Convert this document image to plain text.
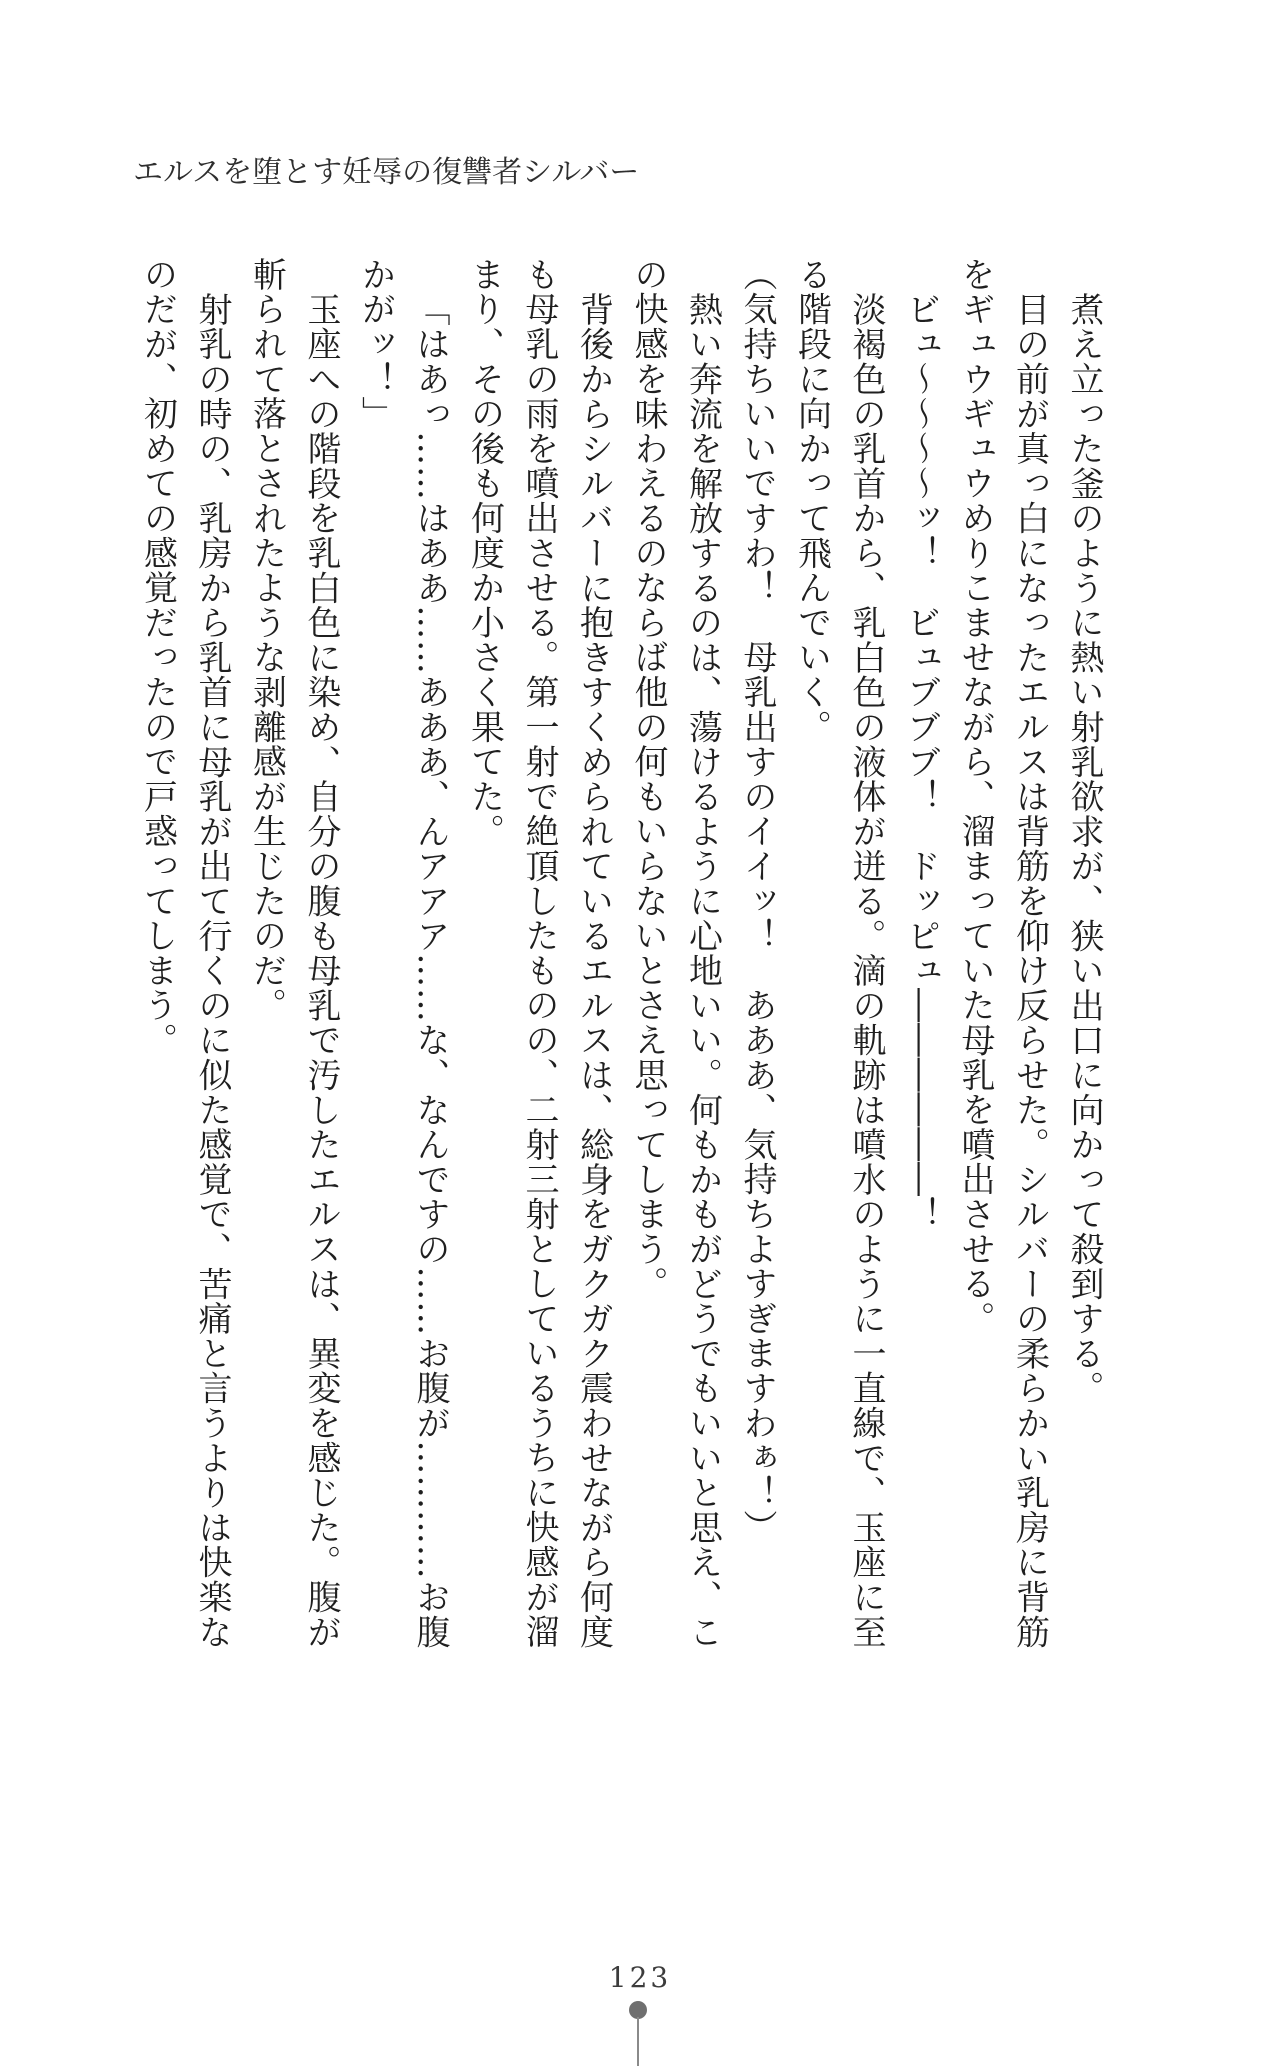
エルスを堕とす妊辱の復讐者シルバー

煮え立った釜のように熱い射乳欲求が、狭い出口に向かって殺到する。

目の前が真っ白になったエルスは背筋を仰け反らせた。シルバーの柔らかい乳房に背筋をギュウギュウめりこませながら、溜まっていた母乳を噴出させる。

ビュ～～～～ッ！　ビュブブブ！　ドッピュ――――――！

淡褐色の乳首から、乳白色の液体が迸る。滴の軌跡は噴水のように一直線で、玉座に至る階段に向かって飛んでいく。

（気持ちいいですわ！　母乳出すのイイッ！　あああ、気持ちよすぎますわぁ！）

熱い奔流を解放するのは、蕩けるように心地いい。何もかもがどうでもいいと思え、この快感を味わえるのならば他の何もいらないとさえ思ってしまう。

背後からシルバーに抱きすくめられているエルスは、総身をガクガク震わせながら何度も母乳の雨を噴出させる。第一射で絶頂したものの、二射三射としているうちに快感が溜まり、その後も何度か小さく果てた。

「はあっ……はああ……あああ、んアアア……な、なんですの……お腹が…………お腹かがッ！」

玉座への階段を乳白色に染め、自分の腹も母乳で汚したエルスは、異変を感じた。腹が斬られて落とされたような剥離感が生じたのだ。

射乳の時の、乳房から乳首に母乳が出て行くのに似た感覚で、苦痛と言うよりは快楽なのだが、初めての感覚だったので戸惑ってしまう。

123
